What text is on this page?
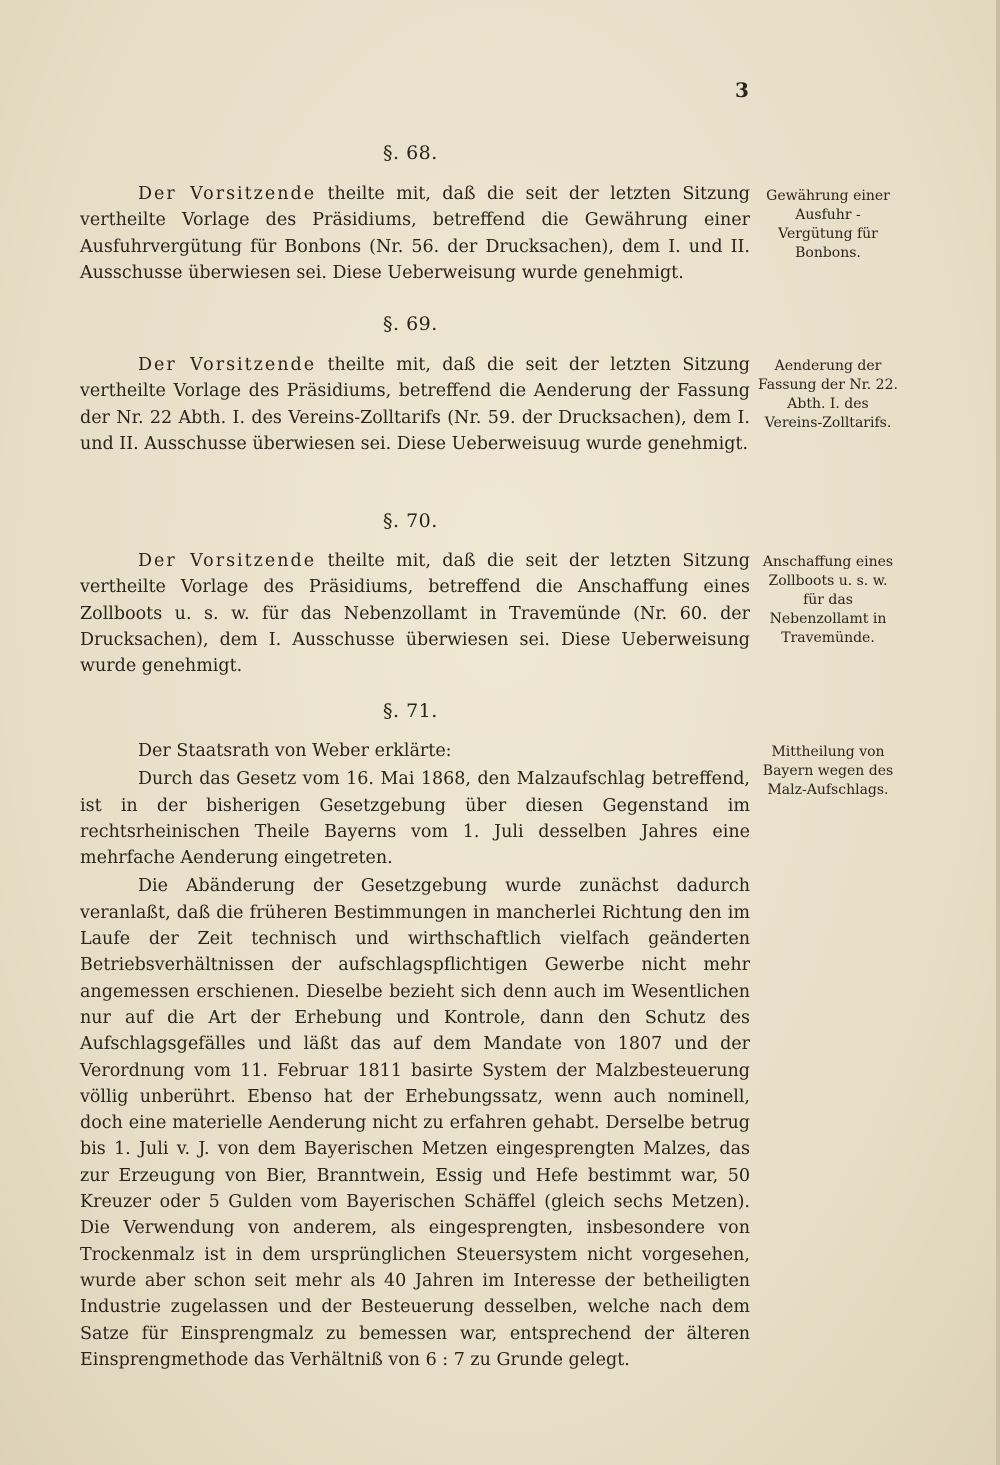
3
§. 68.

Der Vorsitzende theilte mit, daß die seit der letzten Sitzung vertheilte Vorlage des Präsidiums, betreffend die Gewährung einer Ausfuhrvergütung für Bonbons (Nr. 56. der Drucksachen), dem I. und II. Ausschusse überwiesen sei. Diese Ueberweisung wurde genehmigt.

Gewährung einer Ausfuhr - Vergütung für Bonbons.
§. 69.

Der Vorsitzende theilte mit, daß die seit der letzten Sitzung vertheilte Vorlage des Präsidiums, betreffend die Aenderung der Fassung der Nr. 22 Abth. I. des Vereins-Zolltarifs (Nr. 59. der Drucksachen), dem I. und II. Ausschusse überwiesen sei. Diese Ueberweisuug wurde genehmigt.

Aenderung der Fassung der Nr. 22. Abth. I. des Vereins-Zolltarifs.
§. 70.

Der Vorsitzende theilte mit, daß die seit der letzten Sitzung vertheilte Vorlage des Präsidiums, betreffend die Anschaffung eines Zollboots u. s. w. für das Nebenzollamt in Travemünde (Nr. 60. der Drucksachen), dem I. Ausschusse überwiesen sei. Diese Ueberweisung wurde genehmigt.

Anschaffung eines Zollboots u. s. w. für das Nebenzollamt in Travemünde.
§. 71.

Der Staatsrath von Weber erklärte:

Durch das Gesetz vom 16. Mai 1868, den Malzaufschlag betreffend, ist in der bisherigen Gesetzgebung über diesen Gegenstand im rechtsrheinischen Theile Bayerns vom 1. Juli desselben Jahres eine mehrfache Aenderung eingetreten.

Die Abänderung der Gesetzgebung wurde zunächst dadurch veranlaßt, daß die früheren Bestimmungen in mancherlei Richtung den im Laufe der Zeit technisch und wirthschaftlich vielfach geänderten Betriebsverhältnissen der aufschlagspflichtigen Gewerbe nicht mehr angemessen erschienen. Dieselbe bezieht sich denn auch im Wesentlichen nur auf die Art der Erhebung und Kontrole, dann den Schutz des Aufschlagsgefälles und läßt das auf dem Mandate von 1807 und der Verordnung vom 11. Februar 1811 basirte System der Malzbesteuerung völlig unberührt. Ebenso hat der Erhebungssatz, wenn auch nominell, doch eine materielle Aenderung nicht zu erfahren gehabt. Derselbe betrug bis 1. Juli v. J. von dem Bayerischen Metzen eingesprengten Malzes, das zur Erzeugung von Bier, Branntwein, Essig und Hefe bestimmt war, 50 Kreuzer oder 5 Gulden vom Bayerischen Schäffel (gleich sechs Metzen). Die Verwendung von anderem, als eingesprengten, insbesondere von Trockenmalz ist in dem ursprünglichen Steuersystem nicht vorgesehen, wurde aber schon seit mehr als 40 Jahren im Interesse der betheiligten Industrie zugelassen und der Besteuerung desselben, welche nach dem Satze für Einsprengmalz zu bemessen war, entsprechend der älteren Einsprengmethode das Verhältniß von 6 : 7 zu Grunde gelegt.

Mittheilung von Bayern wegen des Malz-Aufschlags.
